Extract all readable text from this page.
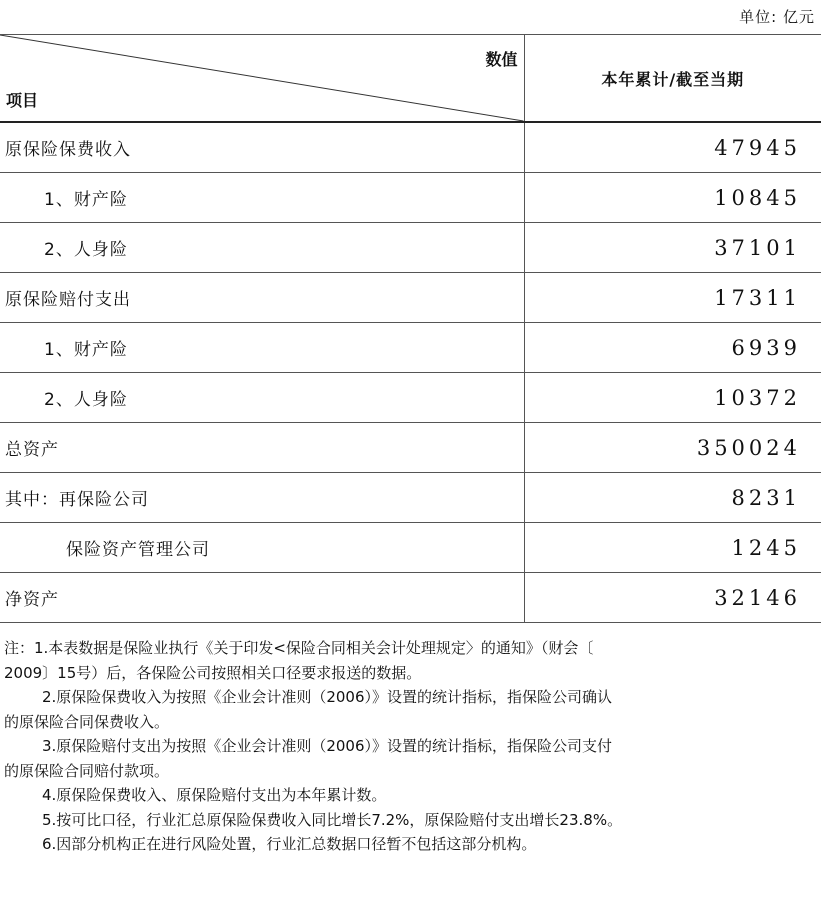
单位: 亿元
数值
项目	本年累计/截至当期
原保险保费收入	47945
1、财产险	10845
2、人身险	37101
原保险赔付支出	17311
1、财产险	6939
2、人身险	10372
总资产	350024
其中：再保险公司	8231
保险资产管理公司	1245
净资产	32146
注：1.本表数据是保险业执行《关于印发<保险合同相关会计处理规定〉的通知》（财会〔
2009〕15号）后，各保险公司按照相关口径要求报送的数据。
2.原保险保费收入为按照《企业会计准则（2006）》设置的统计指标，指保险公司确认
的原保险合同保费收入。
3.原保险赔付支出为按照《企业会计准则（2006）》设置的统计指标，指保险公司支付
的原保险合同赔付款项。
4.原保险保费收入、原保险赔付支出为本年累计数。
5.按可比口径，行业汇总原保险保费收入同比增长7.2%，原保险赔付支出增长23.8%。
6.因部分机构正在进行风险处置，行业汇总数据口径暂不包括这部分机构。
